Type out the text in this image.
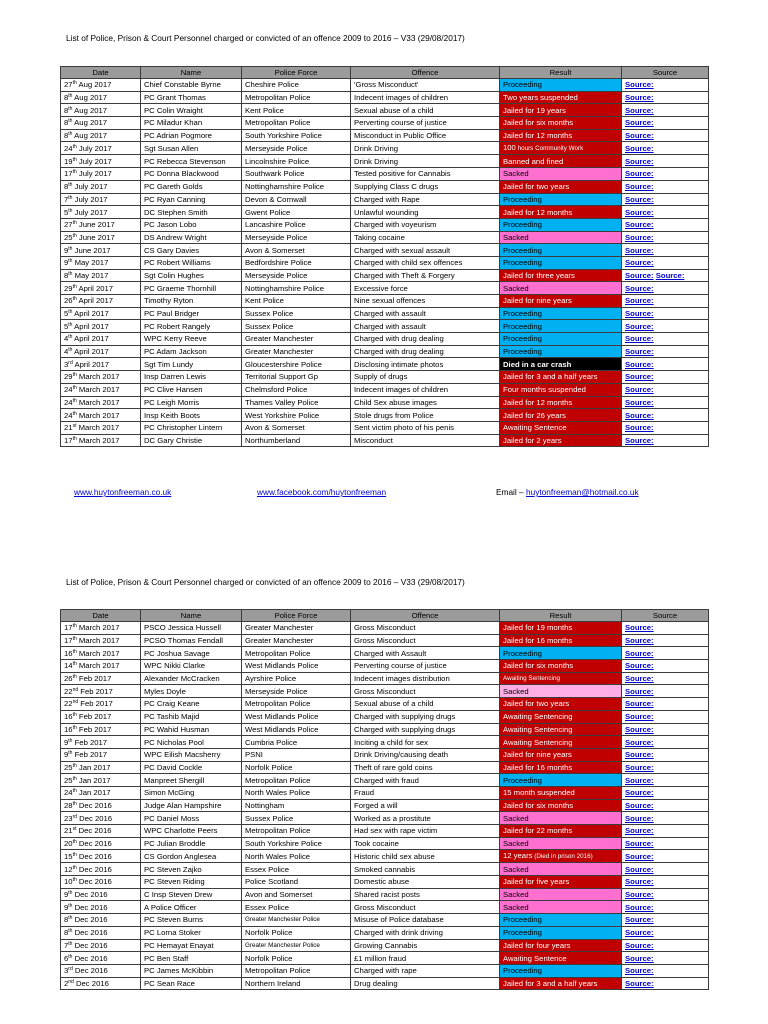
List of Police, Prison & Court Personnel charged or convicted of an offence 2009 to 2016 – V33 (29/08/2017)
Date	Name	Police Force	Offence	Result	Source
27th Aug 2017	Chief Constable Byrne	Cheshire Police	'Gross Misconduct'	Proceeding	Source:
8th Aug 2017	PC Grant Thomas	Metropolitan Police	Indecent images of children	Two years suspended	Source:
8th Aug 2017	PC Colin Wraight	Kent Police	Sexual abuse of a child	Jailed for 19 years	Source:
8th Aug 2017	PC Miladur Khan	Metropolitan Police	Perverting course of justice	Jailed for six months	Source:
8th Aug 2017	PC Adrian Pogmore	South Yorkshire Police	Misconduct in Public Office	Jailed for 12 months	Source:
24th July 2017	Sgt Susan Allen	Merseyside Police	Drink Driving	100 hours Community Work	Source:
19th July 2017	PC Rebecca Stevenson	Lincolnshire Police	Drink Driving	Banned and fined	Source:
17th July 2017	PC Donna Blackwood	Southwark Police	Tested positive for Cannabis	Sacked	Source:
8th July 2017	PC Gareth Golds	Nottinghamshire Police	Supplying Class C drugs	Jailed for two years	Source:
7th July 2017	PC Ryan Canning	Devon & Cornwall	Charged with Rape	Proceeding	Source:
5th July 2017	DC Stephen Smith	Gwent Police	Unlawful wounding	Jailed for 12 months	Source:
27th June 2017	PC Jason Lobo	Lancashire Police	Charged with voyeurism	Proceeding	Source:
25th June 2017	DS Andrew Wright	Merseyside Police	Taking cocaine	Sacked	Source:
9th June 2017	CS Gary Davies	Avon & Somerset	Charged with sexual assault	Proceeding	Source:
9th May 2017	PC Robert Williams	Bedfordshire Police	Charged with child sex offences	Proceeding	Source:
8th May 2017	Sgt Colin Hughes	Merseyside Police	Charged with Theft & Forgery	Jailed for three years	Source: Source:
29th April 2017	PC Graeme Thornhill	Nottinghamshire Police	Excessive force	Sacked	Source:
26th April 2017	Timothy Ryton	Kent Police	Nine sexual offences	Jailed for nine years	Source:
5th April 2017	PC Paul Bridger	Sussex Police	Charged with assault	Proceeding	Source:
5th April 2017	PC Robert Rangely	Sussex Police	Charged with assault	Proceeding	Source:
4th April 2017	WPC Kerry Reeve	Greater Manchester	Charged with drug dealing	Proceeding	Source:
4th April 2017	PC Adam Jackson	Greater Manchester	Charged with drug dealing	Proceeding	Source:
3rd April 2017	Sgt Tim Lundy	Gloucestershire Police	Disclosing intimate photos	Died in a car crash	Source:
29th March 2017	Insp Darren Lewis	Territorial Support Gp	Supply of drugs	Jailed for 3 and a half years	Source:
24th March 2017	PC Clive Hansen	Chelmsford Police	Indecent images of children	Four months suspended	Source:
24th March 2017	PC Leigh Morris	Thames Valley Police	Child Sex abuse images	Jailed for 12 months	Source:
24th March 2017	Insp Keith Boots	West Yorkshire Police	Stole drugs from Police	Jailed for 26 years	Source:
21st March 2017	PC Christopher Lintern	Avon & Somerset	Sent victim photo of his penis	Awaiting Sentence	Source:
17th March 2017	DC Gary Christie	Northumberland	Misconduct	Jailed for 2 years	Source:
www.huytonfreeman.co.uk	www.facebook.com/huytonfreeman	Email – huytonfreeman@hotmail.co.uk
List of Police, Prison & Court Personnel charged or convicted of an offence 2009 to 2016 – V33 (29/08/2017)
Date	Name	Police Force	Offence	Result	Source
17th March 2017	PSCO Jessica Hussell	Greater Manchester	Gross Misconduct	Jailed for 19 months	Source:
17th March 2017	PCSO Thomas Fendall	Greater Manchester	Gross Misconduct	Jailed for 16 months	Source:
16th March 2017	PC Joshua Savage	Metropolitan Police	Charged with Assault	Proceeding	Source:
14th March 2017	WPC Nikki Clarke	West Midlands Police	Perverting course of justice	Jailed for six months	Source:
26th Feb 2017	Alexander McCracken	Ayrshire Police	Indecent images distribution	Awaiting Sentencing	Source:
22nd Feb 2017	Myles Doyle	Merseyside Police	Gross Misconduct	Sacked	Source:
22nd Feb 2017	PC Craig Keane	Metropolitan Police	Sexual abuse of a child	Jailed for two years	Source:
16th Feb 2017	PC Tashib Majid	West Midlands Police	Charged with supplying drugs	Awaiting Sentencing	Source:
16th Feb 2017	PC Wahid Husman	West Midlands Police	Charged with supplying drugs	Awaiting Sentencing	Source:
9th Feb 2017	PC Nicholas Pool	Cumbria Police	Inciting a child for sex	Awaiting Sentencing	Source:
9th Feb 2017	WPC Eilish Macsherry	PSNI	Drink Driving/causing death	Jailed for nine years	Source:
25th Jan 2017	PC David Cockle	Norfolk Police	Theft of rare gold coins	Jailed for 16 months	Source:
25th Jan 2017	Manpreet Shergill	Metropolitan Police	Charged with fraud	Proceeding	Source:
24th Jan 2017	Simon McGing	North Wales Police	Fraud	15 month suspended	Source:
28th Dec 2016	Judge Alan Hampshire	Nottingham	Forged a will	Jailed for six months	Source:
23rd Dec 2016	PC Daniel Moss	Sussex Police	Worked as a prostitute	Sacked	Source:
21st Dec 2016	WPC Charlotte Peers	Metropolitan Police	Had sex with rape victim	Jailed for 22 months	Source:
20th Dec 2016	PC Julian Broddle	South Yorkshire Police	Took cocaine	Sacked	Source:
15th Dec 2016	CS Gordon Anglesea	North Wales Police	Historic child sex abuse	12 years (Died in prison 2016)	Source:
12th Dec 2016	PC Steven Zajko	Essex Police	Smoked cannabis	Sacked	Source:
10th Dec 2016	PC Steven Riding	Police Scotland	Domestic abuse	Jailed for five years	Source:
9th Dec 2016	C Insp Steven Drew	Avon and Somerset	Shared racist posts	Sacked	Source:
9th Dec 2016	A Police Officer	Essex Police	Gross Misconduct	Sacked	Source:
8th Dec 2016	PC Steven Burns	Greater Manchester Police	Misuse of Police database	Proceeding	Source:
8th Dec 2016	PC Lorna Stoker	Norfolk Police	Charged with drink driving	Proceeding	Source:
7th Dec 2016	PC Hemayat Enayat	Greater Manchester Police	Growing Cannabis	Jailed for four years	Source:
6th Dec 2016	PC Ben Staff	Norfolk Police	£1 million fraud	Awaiting Sentence	Source:
3rd Dec 2016	PC James McKibbin	Metropolitan Police	Charged with rape	Proceeding	Source:
2nd Dec 2016	PC Sean Race	Northern Ireland	Drug dealing	Jailed for 3 and a half years	Source:
